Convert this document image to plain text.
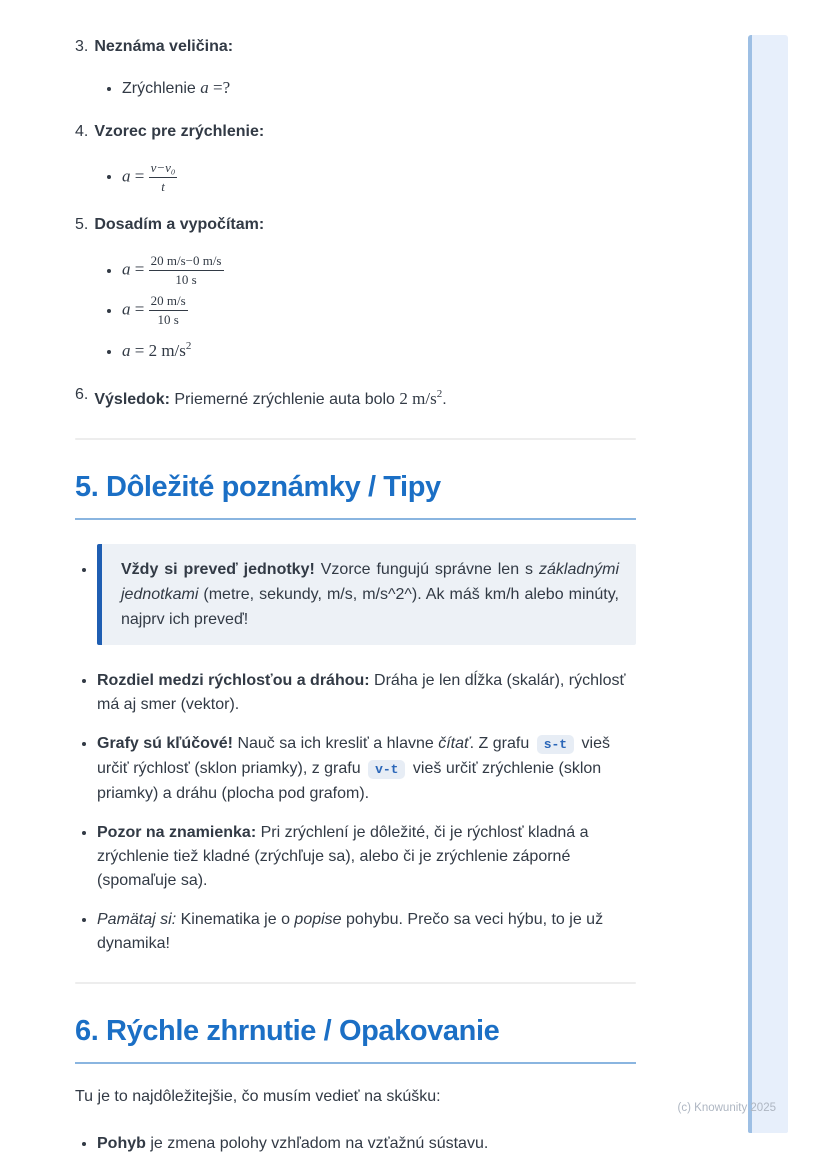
3. Neznáma veličina:
• Zrýchlenie a =?
4. Vzorec pre zrýchlenie:
• $a = \frac{\text{v−v₀}}{t}$
5. Dosadím a vypočítam:
• $a = \frac{20 m/s-0 m/s}{10 s}$
• $a = \frac{20 m/s}{10 s}$
• a = 2 $m/s^2$
6. Výsledok: Priemerné zrýchlenie auta bolo 2 $m/s^2$.
5. Dôležité poznámky / Tipy
• Vždy si preveď jednotky! Vzorce fungujú správne len s základnými jednotkami (metre, sekundy, m/s, m/s^2^). Ak máš km/h alebo minúty, najprv ich preveď!
• Rozdiel medzi rýchlosťou a dráhou: Dráha je len dĺžka (skalár), rýchlosť má aj smer (vektor).
• Grafy sú kľúčové! Nauč sa ich kresliť a hlavne čítať. Z grafu s-t vieš určiť rýchlosť (sklon priamky), z grafu v-t vieš určiť zrýchlenie (sklon priamky) a dráhu (plocha pod grafom).
• Pozor na znamienka: Pri zrýchlení je dôležité, či je rýchlosť kladná a zrýchlenie tiež kladné (zrýchľuje sa), alebo či je zrýchlenie záporné (spomaľuje sa).
• Pamätaj si: Kinematika je o popise pohybu. Prečo sa veci hýbu, to je už dynamika!
6. Rýchle zhrnutie / Opakovanie

Tu je to najdôležitejšie, čo musím vedieť na skúšku:

• Pohyb je zmena polohy vzhľadom na vzťažnú sústavu.
(c) Knowunity 2025
